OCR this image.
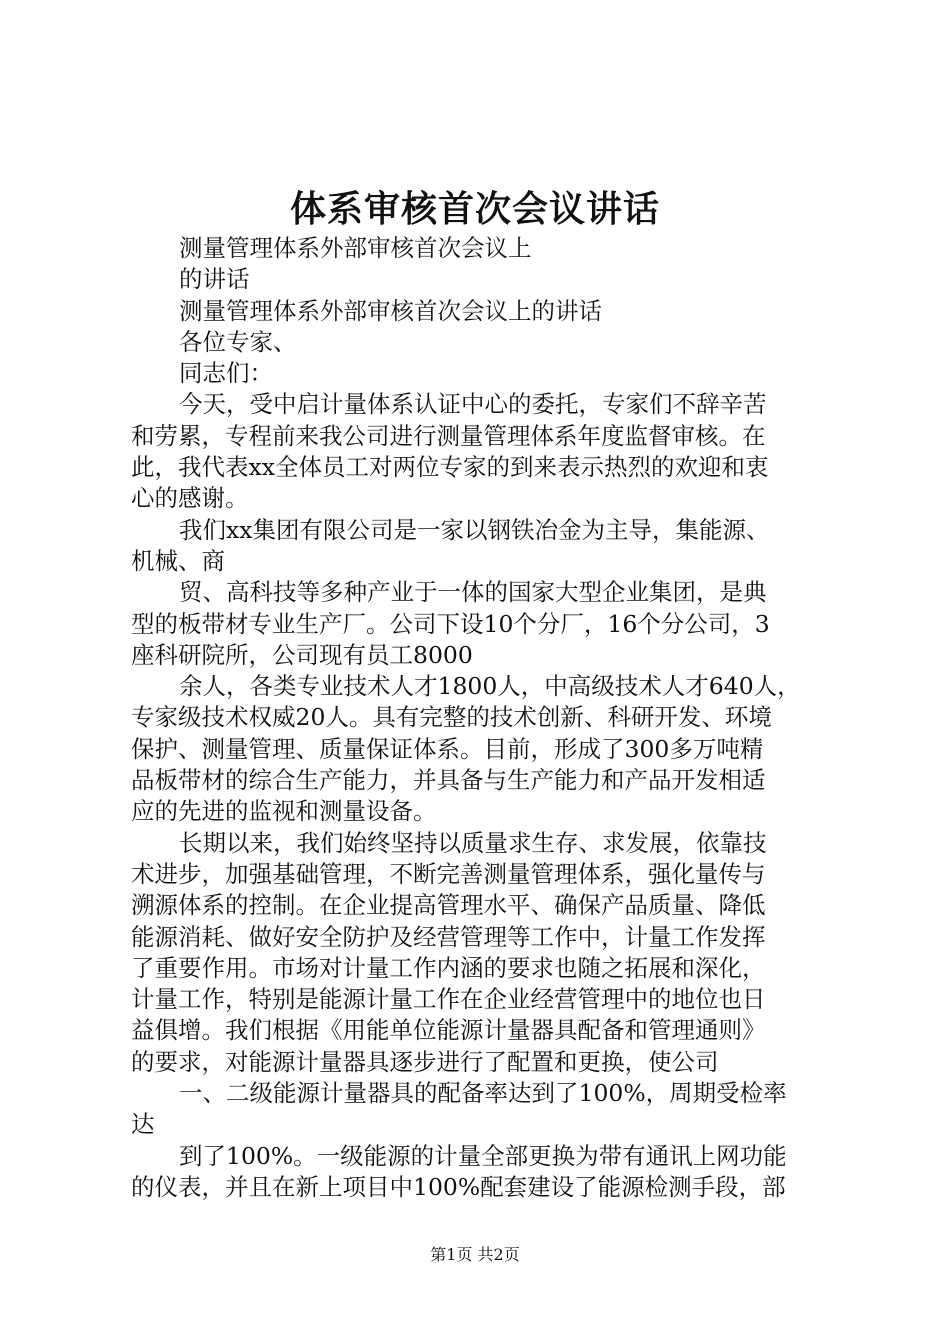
体系审核首次会议讲话
测量管理体系外部审核首次会议上
的讲话
测量管理体系外部审核首次会议上的讲话
各位专家、
同志们：
今天，受中启计量体系认证中心的委托，专家们不辞辛苦
和劳累，专程前来我公司进行测量管理体系年度监督审核。在
此，我代表xx全体员工对两位专家的到来表示热烈的欢迎和衷
心的感谢。
我们xx集团有限公司是一家以钢铁冶金为主导，集能源、
机械、商
贸、高科技等多种产业于一体的国家大型企业集团，是典
型的板带材专业生产厂。公司下设10个分厂，16个分公司，3
座科研院所，公司现有员工8000
余人，各类专业技术人才1800人，中高级技术人才640人，
专家级技术权威20人。具有完整的技术创新、科研开发、环境
保护、测量管理、质量保证体系。目前，形成了300多万吨精
品板带材的综合生产能力，并具备与生产能力和产品开发相适
应的先进的监视和测量设备。
长期以来，我们始终坚持以质量求生存、求发展，依靠技
术进步，加强基础管理，不断完善测量管理体系，强化量传与
溯源体系的控制。在企业提高管理水平、确保产品质量、降低
能源消耗、做好安全防护及经营管理等工作中，计量工作发挥
了重要作用。市场对计量工作内涵的要求也随之拓展和深化，
计量工作，特别是能源计量工作在企业经营管理中的地位也日
益俱增。我们根据《用能单位能源计量器具配备和管理通则》
的要求，对能源计量器具逐步进行了配置和更换，使公司
一、二级能源计量器具的配备率达到了100%，周期受检率
达
到了100%。一级能源的计量全部更换为带有通讯上网功能
的仪表，并且在新上项目中100%配套建设了能源检测手段，部
第1页 共2页
